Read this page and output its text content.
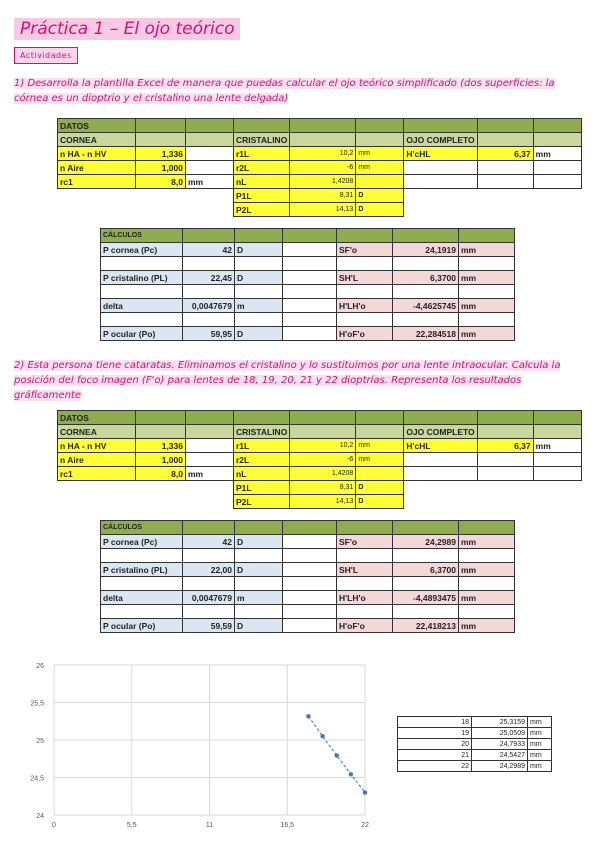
Práctica 1 – El ojo teórico
Actividades
1) Desarrolla la plantilla Excel de manera que puedas calcular el ojo teórico simplificado (dos superficies: la córnea es un dioptrio y el cristalino una lente delgada)
DATOS								
CORNEA			CRISTALINO			OJO COMPLETO		
n HA - n HV	1,336		r1L	10,2	mm	H'cHL	6,37	mm
n Aire	1,000		r2L	-6	mm			
rc1	8,0	mm	nL	1,4208				
			P1L	8,31	D			
			P2L	14,13	D			
CÁLCULOS						
P cornea (Pc)	42	D		SF'o	24,1919	mm

P cristalino (PL)	22,45	D		SH'L	6,3700	mm

delta	0,0047679	m		H'LH'o	-4,4625745	mm

P ocular (Po)	59,95	D		H'oF'o	22,284518	mm
2) Esta persona tiene cataratas. Eliminamos el cristalino y lo sustituimos por una lente intraocular. Calcula la posición del foco imagen (F'o) para lentes de 18, 19, 20, 21 y 22 dioptrías. Representa los resultados gráficamente
DATOS								
CORNEA			CRISTALINO			OJO COMPLETO		
n HA - n HV	1,336		r1L	10,2	mm	H'cHL	6,37	mm
n Aire	1,000		r2L	-6	mm			
rc1	8,0	mm	nL	1,4208				
			P1L	8,31	D			
			P2L	14,13	D			
CÁLCULOS						
P cornea (Pc)	42	D		SF'o	24,2989	mm

P cristalino (PL)	22,00	D		SH'L	6,3700	mm

delta	0,0047679	m		H'LH'o	-4,4893475	mm

P ocular (Po)	59,59	D		H'oF'o	22,418213	mm
24
24,5
25
25,5
26
0	5,5	11	16,5	22
18	25,3159	mm
19	25,0509	mm
20	24,7933	mm
21	24,5427	mm
22	24,2989	mm
